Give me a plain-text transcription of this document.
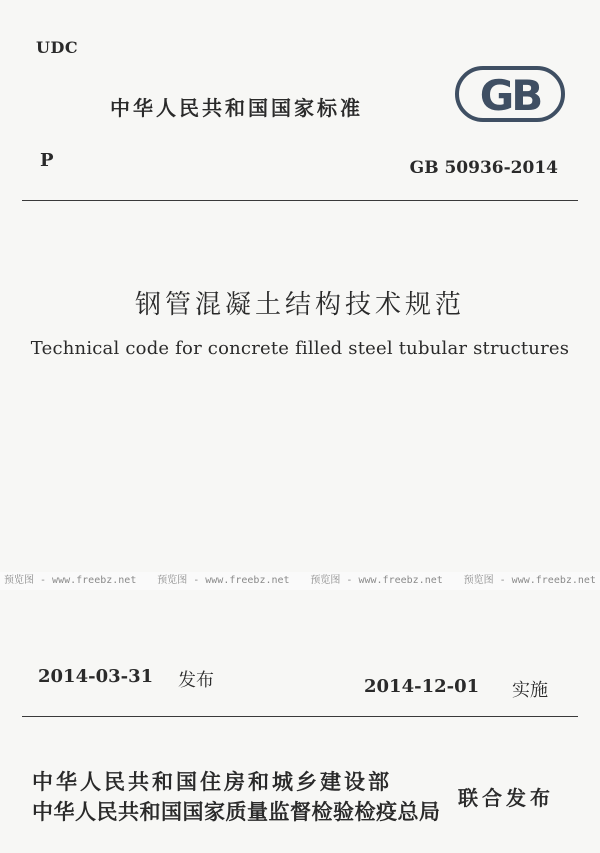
UDC
中华人民共和国国家标准	GB
P	GB 50936-2014
钢管混凝土结构技术规范
Technical code for concrete filled steel tubular structures
预览图 - www.freebz.net 预览图 - www.freebz.net 预览图 - www.freebz.net 预览图 - www.freebz.net
2014-03-31 发布	2014-12-01 实施
中华人民共和国住房和城乡建设部
中华人民共和国国家质量监督检验检疫总局
联合发布
